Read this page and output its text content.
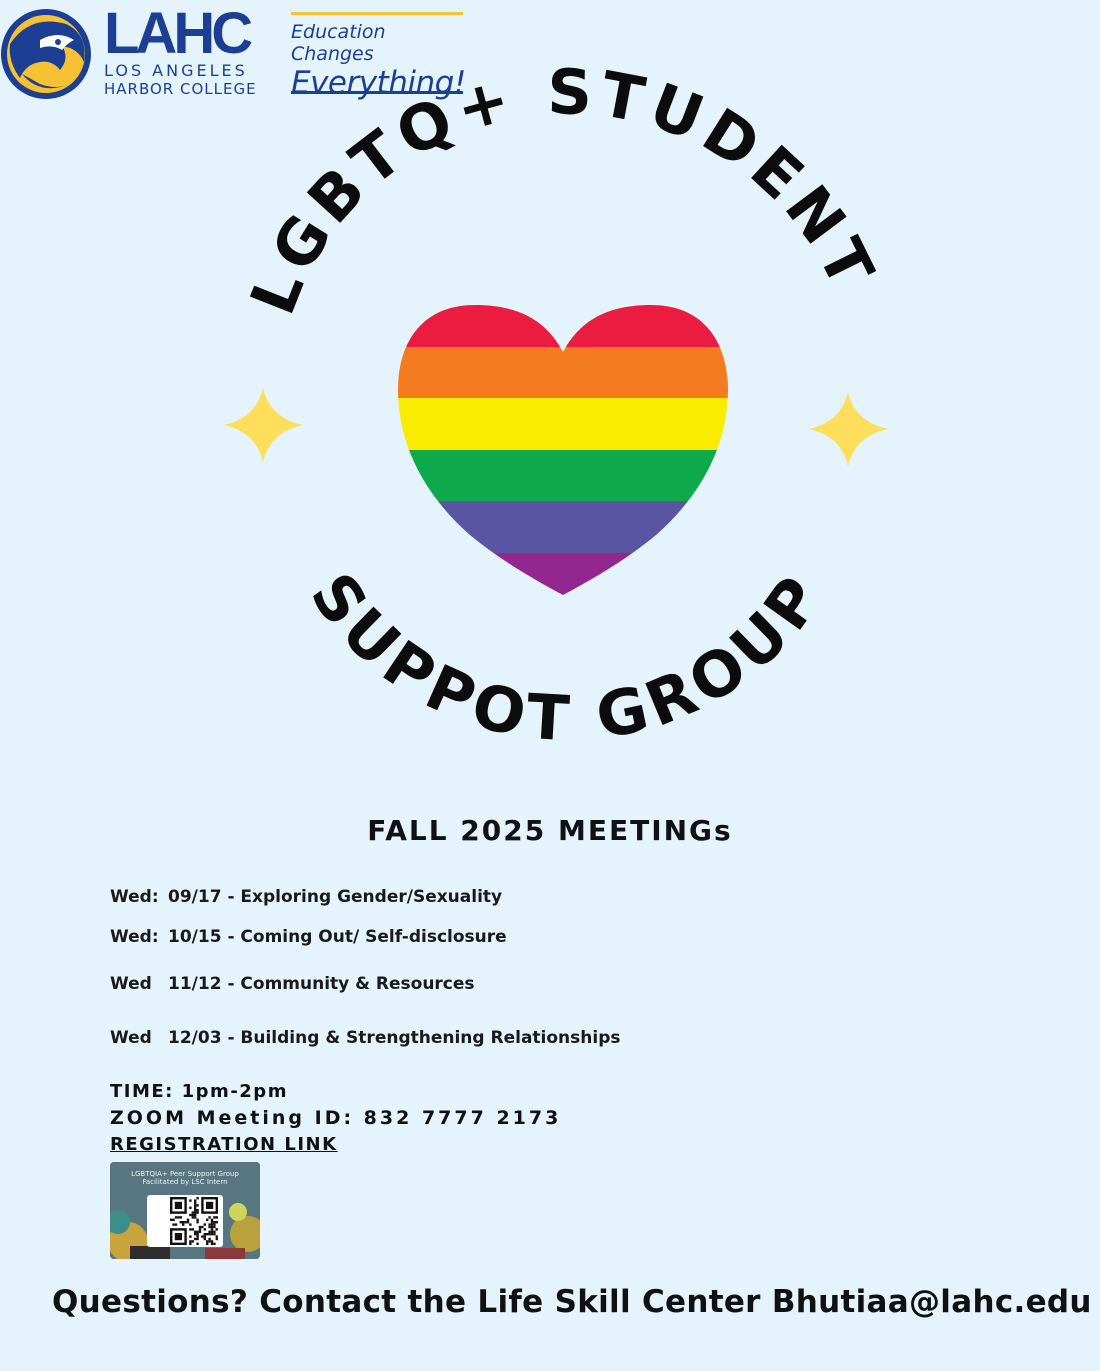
LAHC
LOS ANGELES
HARBOR COLLEGE
Education Changes
Everything!
LGBTQ+ STUDENT
SUPPOT GROUP
FALL 2025 MEETINGs
Wed: 09/17 - Exploring Gender/Sexuality
Wed: 10/15 - Coming Out/ Self-disclosure
Wed 11/12 - Community & Resources
Wed 12/03 - Building & Strengthening Relationships
TIME: 1pm-2pm
ZOOM Meeting ID: 832 7777 2173
REGISTRATION LINK
LGBTQIA+ Peer Support Group
Facilitated by LSC Intern
Questions? Contact the Life Skill Center Bhutiaa@lahc.edu
